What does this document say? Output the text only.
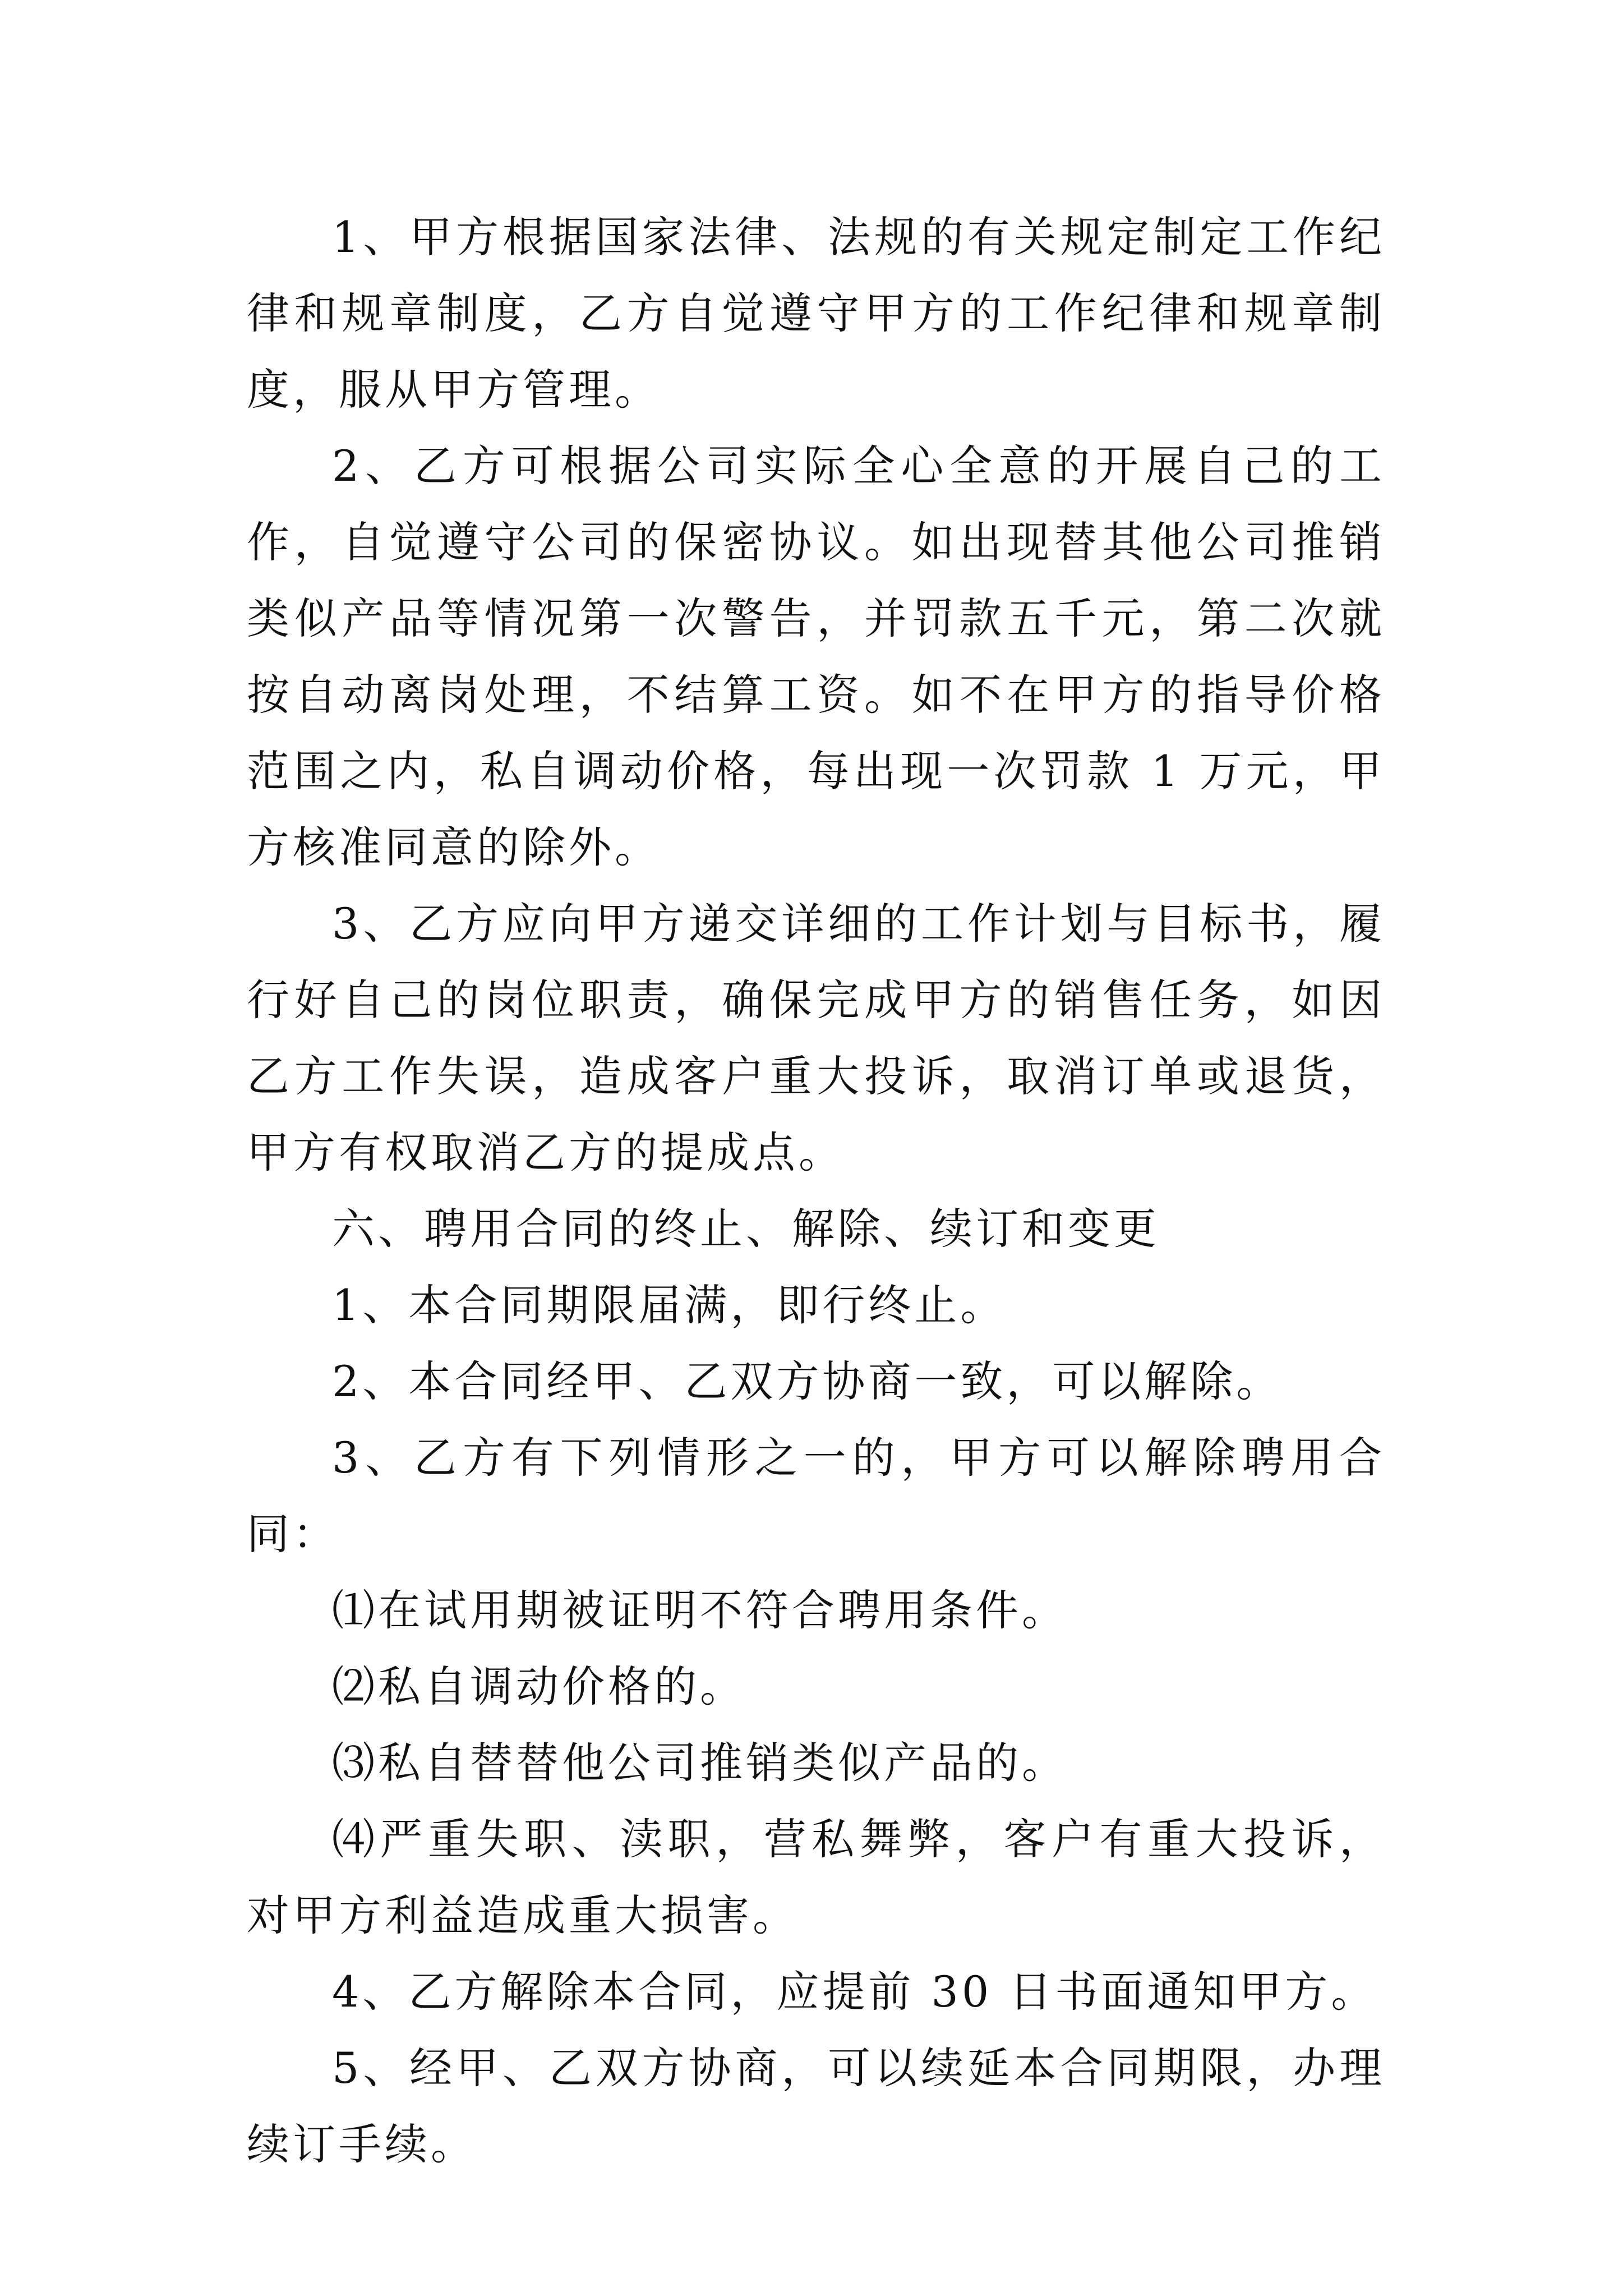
1、甲方根据国家法律、法规的有关规定制定工作纪律和规章制度，乙方自觉遵守甲方的工作纪律和规章制度，服从甲方管理。

2、乙方可根据公司实际全心全意的开展自己的工作，自觉遵守公司的保密协议。如出现替其他公司推销类似产品等情况第一次警告，并罚款五千元，第二次就按自动离岗处理，不结算工资。如不在甲方的指导价格范围之内，私自调动价格，每出现一次罚款 1 万元，甲方核准同意的除外。

3、乙方应向甲方递交详细的工作计划与目标书，履行好自己的岗位职责，确保完成甲方的销售任务，如因乙方工作失误，造成客户重大投诉，取消订单或退货，甲方有权取消乙方的提成点。

六、聘用合同的终止、解除、续订和变更

1、本合同期限届满，即行终止。

2、本合同经甲、乙双方协商一致，可以解除。

3、乙方有下列情形之一的，甲方可以解除聘用合同：

⑴在试用期被证明不符合聘用条件。

⑵私自调动价格的。

⑶私自替替他公司推销类似产品的。

⑷严重失职、渎职，营私舞弊，客户有重大投诉，对甲方利益造成重大损害。

4、乙方解除本合同，应提前 30 日书面通知甲方。

5、经甲、乙双方协商，可以续延本合同期限，办理续订手续。
